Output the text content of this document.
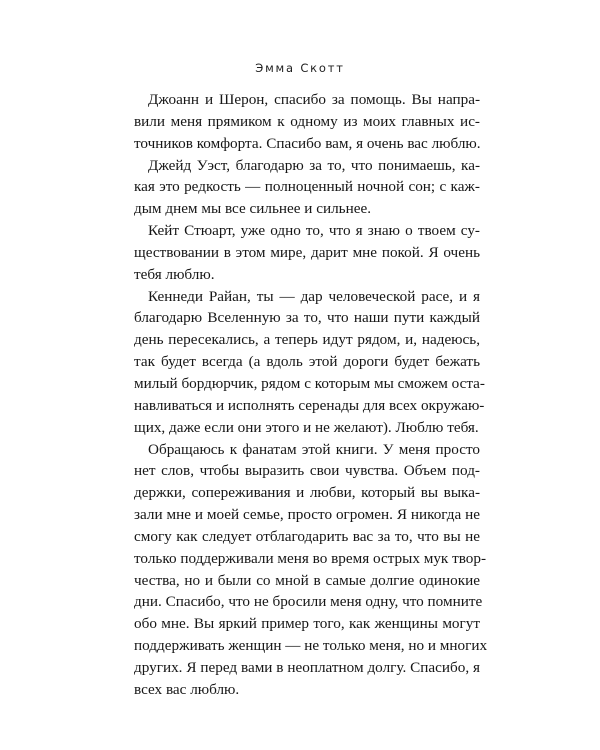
Эмма Скотт
Джоанн и Шерон, спасибо за помощь. Вы напра-
вили меня прямиком к одному из моих главных ис-
точников комфорта. Спасибо вам, я очень вас люблю.
Джейд Уэст, благодарю за то, что понимаешь, ка-
кая это редкость — полноценный ночной сон; с каж-
дым днем мы все сильнее и сильнее.
Кейт Стюарт, уже одно то, что я знаю о твоем су-
ществовании в этом мире, дарит мне покой. Я очень
тебя люблю.
Кеннеди Райан, ты — дар человеческой расе, и я
благодарю Вселенную за то, что наши пути каждый
день пересекались, а теперь идут рядом, и, надеюсь,
так будет всегда (а вдоль этой дороги будет бежать
милый бордюрчик, рядом с которым мы сможем оста-
навливаться и исполнять серенады для всех окружаю-
щих, даже если они этого и не желают). Люблю тебя.
Обращаюсь к фанатам этой книги. У меня просто
нет слов, чтобы выразить свои чувства. Объем под-
держки, сопереживания и любви, который вы выка-
зали мне и моей семье, просто огромен. Я никогда не
смогу как следует отблагодарить вас за то, что вы не
только поддерживали меня во время острых мук твор-
чества, но и были со мной в самые долгие одинокие
дни. Спасибо, что не бросили меня одну, что помните
обо мне. Вы яркий пример того, как женщины могут
поддерживать женщин — не только меня, но и многих
других. Я перед вами в неоплатном долгу. Спасибо, я
всех вас люблю.
